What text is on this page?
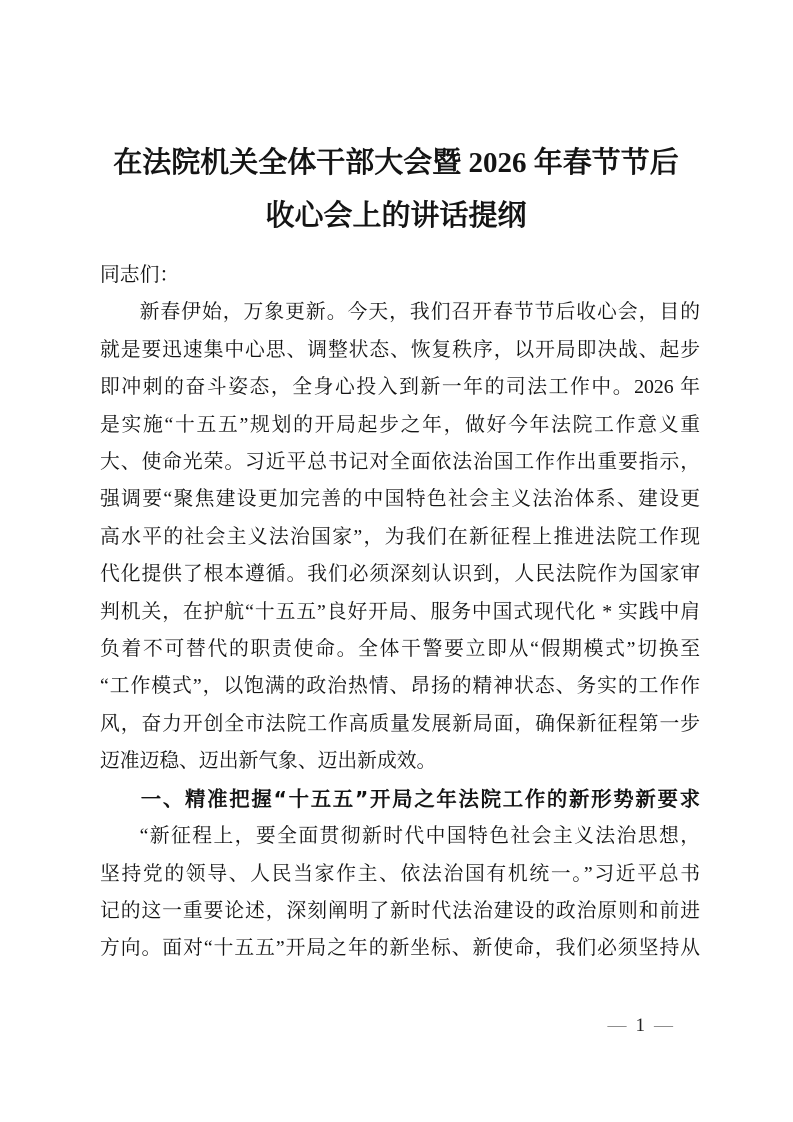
在法院机关全体干部大会暨 2026 年春节节后
收心会上的讲话提纲
同志们：
新春伊始，万象更新。今天，我们召开春节节后收心会，目的
就是要迅速集中心思、调整状态、恢复秩序，以开局即决战、起步
即冲刺的奋斗姿态，全身心投入到新一年的司法工作中。2026 年
是实施“十五五”规划的开局起步之年，做好今年法院工作意义重
大、使命光荣。习近平总书记对全面依法治国工作作出重要指示，
强调要“聚焦建设更加完善的中国特色社会主义法治体系、建设更
高水平的社会主义法治国家”，为我们在新征程上推进法院工作现
代化提供了根本遵循。我们必须深刻认识到，人民法院作为国家审
判机关，在护航“十五五”良好开局、服务中国式现代化 * 实践中肩
负着不可替代的职责使命。全体干警要立即从“假期模式”切换至
“工作模式”，以饱满的政治热情、昂扬的精神状态、务实的工作作
风，奋力开创全市法院工作高质量发展新局面，确保新征程第一步
迈准迈稳、迈出新气象、迈出新成效。
一、精准把握“十五五”开局之年法院工作的新形势新要求
“新征程上，要全面贯彻新时代中国特色社会主义法治思想，
坚持党的领导、人民当家作主、依法治国有机统一。”习近平总书
记的这一重要论述，深刻阐明了新时代法治建设的政治原则和前进
方向。面对“十五五”开局之年的新坐标、新使命，我们必须坚持从
— 1 —
